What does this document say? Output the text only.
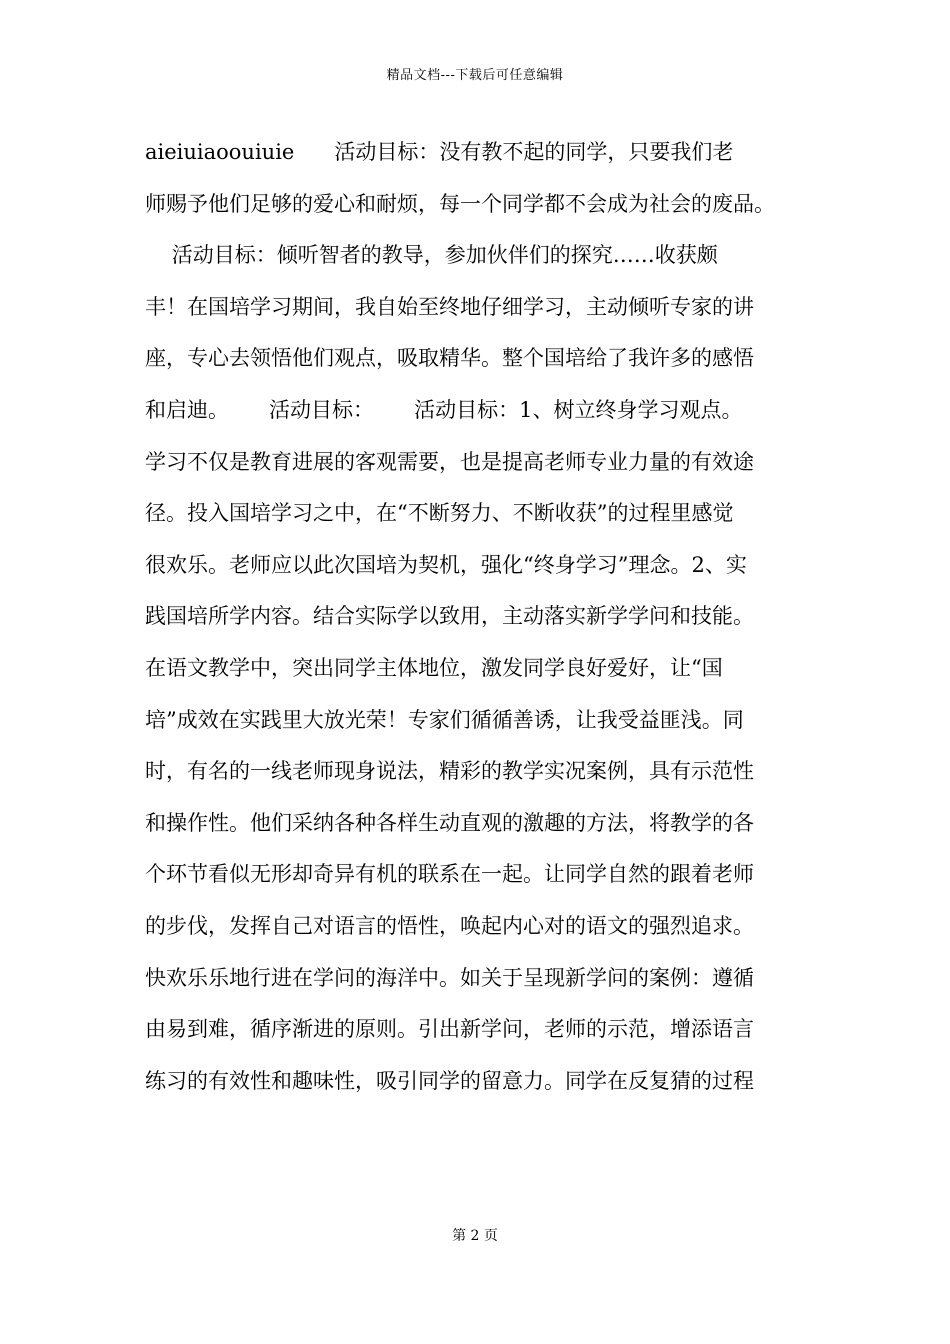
精品文档---下载后可任意编辑
aieiuiaoouiuie      活动目标：没有教不起的同学，只要我们老
师赐予他们足够的爱心和耐烦，每一个同学都不会成为社会的废品。
活动目标：倾听智者的教导，参加伙伴们的探究……收获颇
丰！在国培学习期间，我自始至终地仔细学习，主动倾听专家的讲
座，专心去领悟他们观点，吸取精华。整个国培给了我许多的感悟
和启迪。      活动目标：      活动目标：1、树立终身学习观点。
学习不仅是教育进展的客观需要，也是提高老师专业力量的有效途
径。投入国培学习之中，在“不断努力、不断收获”的过程里感觉
很欢乐。老师应以此次国培为契机，强化“终身学习”理念。2、实
践国培所学内容。结合实际学以致用，主动落实新学学问和技能。
在语文教学中，突出同学主体地位，激发同学良好爱好，让“国
培”成效在实践里大放光荣！专家们循循善诱，让我受益匪浅。同
时，有名的一线老师现身说法，精彩的教学实况案例，具有示范性
和操作性。他们采纳各种各样生动直观的激趣的方法，将教学的各
个环节看似无形却奇异有机的联系在一起。让同学自然的跟着老师
的步伐，发挥自己对语言的悟性，唤起内心对的语文的强烈追求。
快欢乐乐地行进在学问的海洋中。如关于呈现新学问的案例：遵循
由易到难，循序渐进的原则。引出新学问，老师的示范，增添语言
练习的有效性和趣味性，吸引同学的留意力。同学在反复猜的过程
第 2 页
